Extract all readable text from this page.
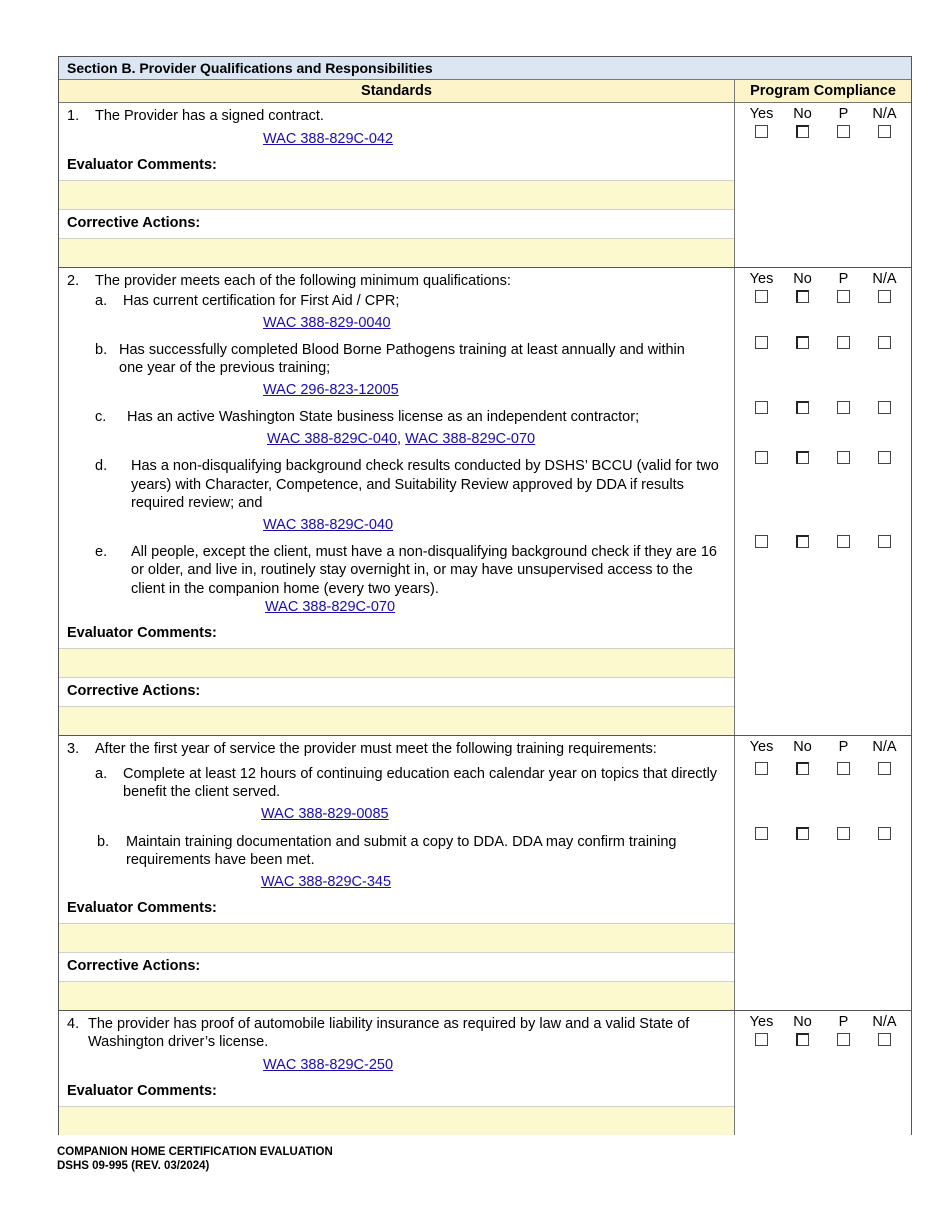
Section B. Provider Qualifications and Responsibilities
Standards	Program Compliance
1. The Provider has a signed contract.
WAC 388-829C-042
Evaluator Comments:
Corrective Actions:
Yes	No	P	N/A
2. The provider meets each of the following minimum qualifications:
a.	Has current certification for First Aid / CPR;
WAC 388-829-0040
b. Has successfully completed Blood Borne Pathogens training at least annually and within one year of the previous training;
WAC 296-823-12005
c.	Has an active Washington State business license as an independent contractor;
WAC 388-829C-040, WAC 388-829C-070
d.	Has a non-disqualifying background check results conducted by DSHS’ BCCU (valid for two years) with Character, Competence, and Suitability Review approved by DDA if results required review; and
WAC 388-829C-040
e.	All people, except the client, must have a non-disqualifying background check if they are 16 or older, and live in, routinely stay overnight in, or may have unsupervised access to the client in the companion home (every two years).
WAC 388-829C-070
Evaluator Comments:
Corrective Actions:
Yes	No	P	N/A
3. After the first year of service the provider must meet the following training requirements:
a.	Complete at least 12 hours of continuing education each calendar year on topics that directly benefit the client served.
WAC 388-829-0085
b.	Maintain training documentation and submit a copy to DDA. DDA may confirm training requirements have been met.
WAC 388-829C-345
Evaluator Comments:
Corrective Actions:
Yes	No	P	N/A
4. The provider has proof of automobile liability insurance as required by law and a valid State of Washington driver’s license.
WAC 388-829C-250
Evaluator Comments:
Yes	No	P	N/A
COMPANION HOME CERTIFICATION EVALUATION
DSHS 09-995 (REV. 03/2024)
